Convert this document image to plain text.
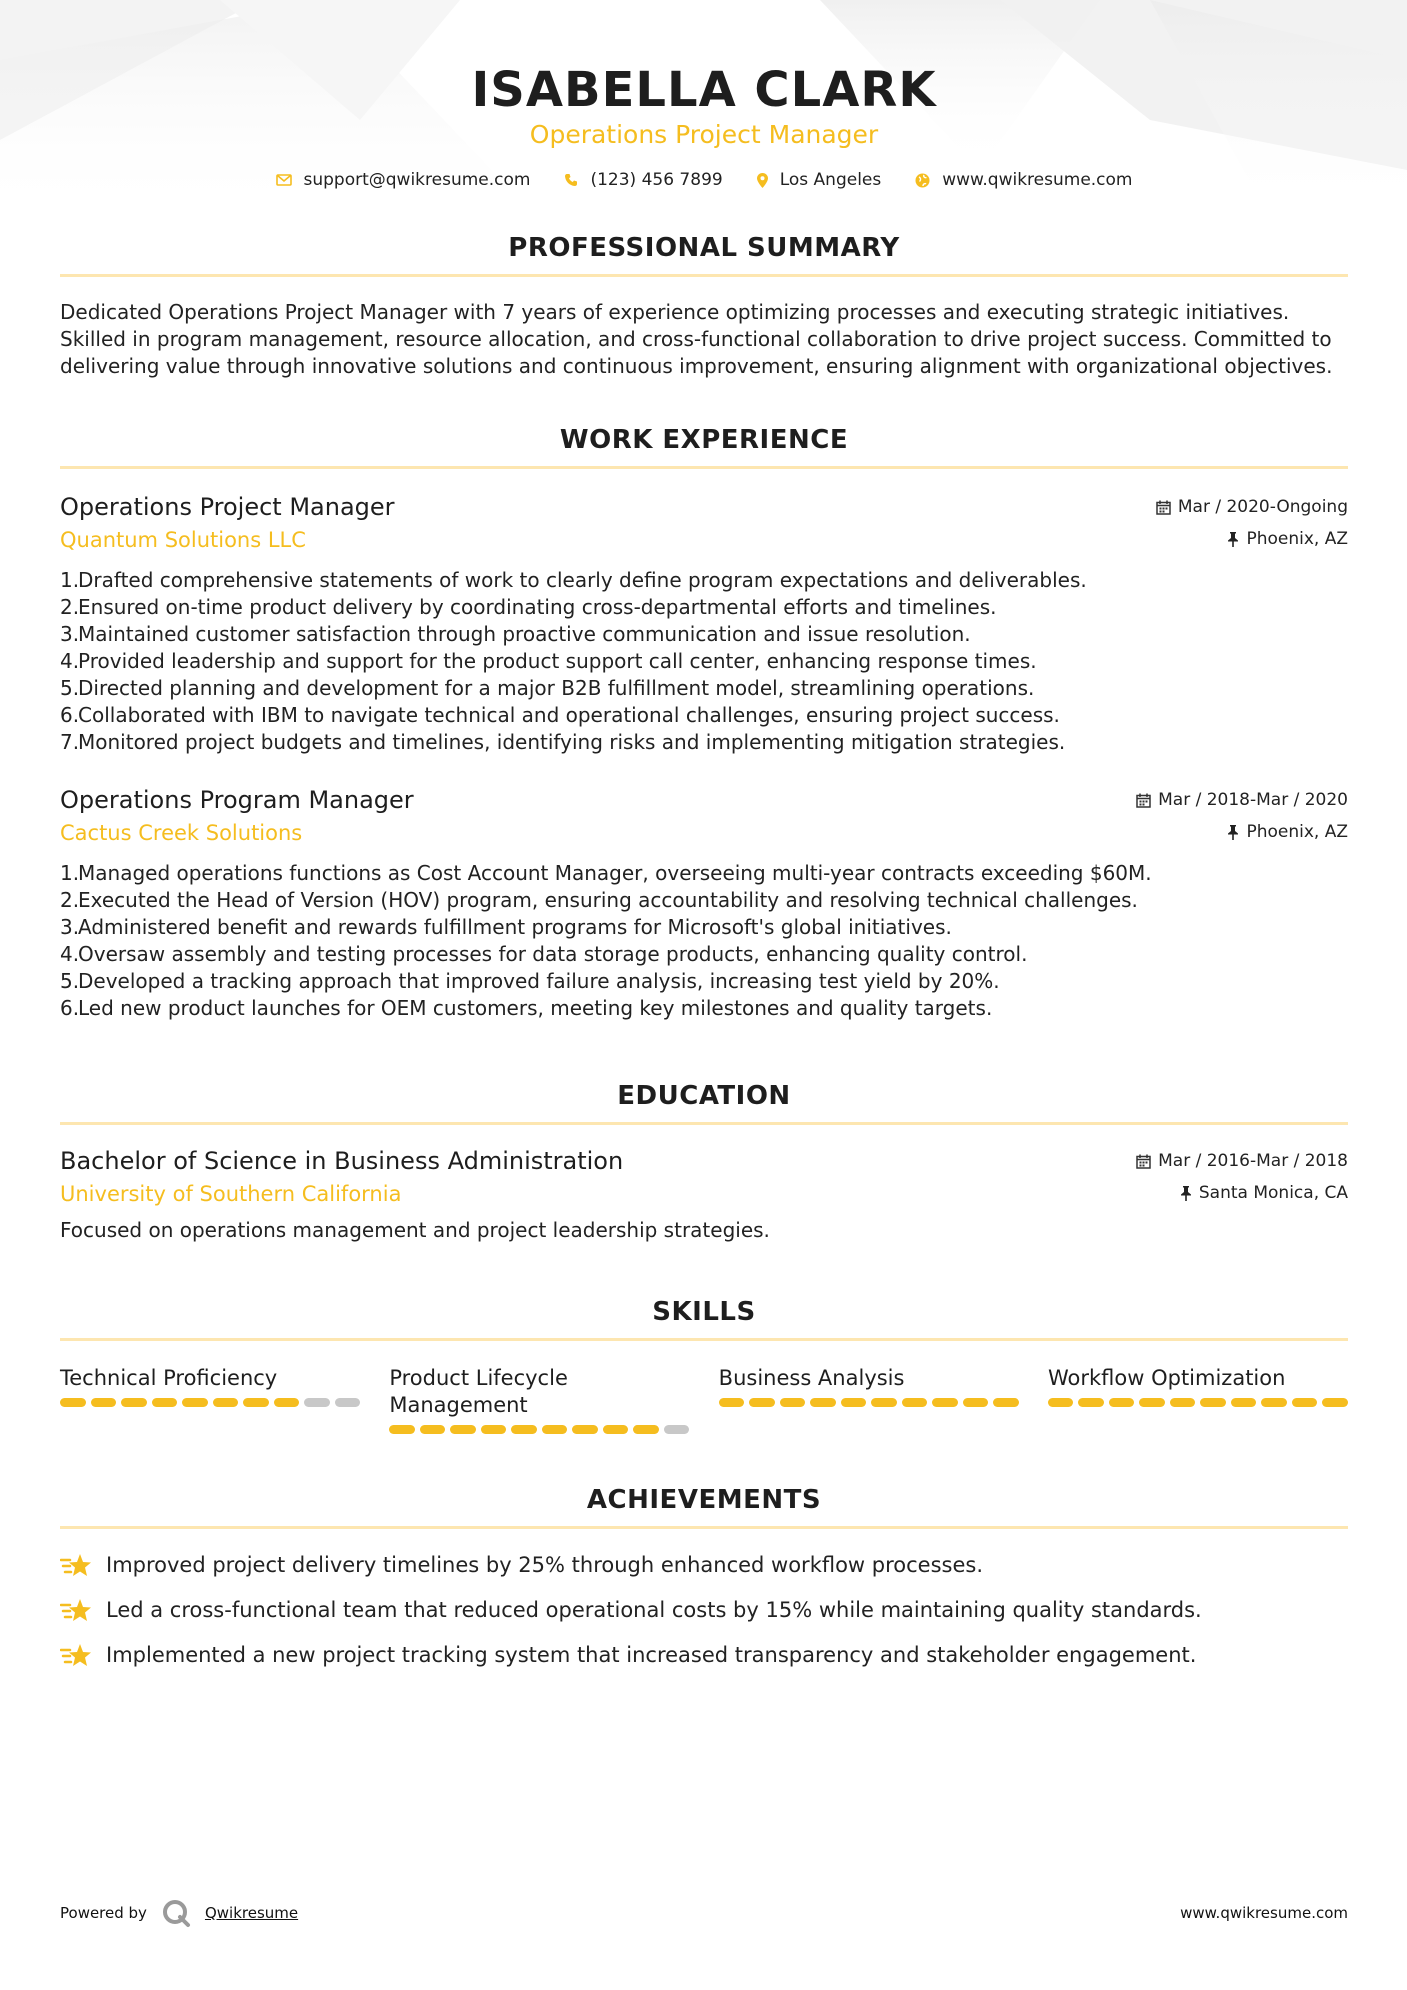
ISABELLA CLARK
Operations Project Manager
support@qwikresume.com	(123) 456 7899	Los Angeles	www.qwikresume.com
PROFESSIONAL SUMMARY
Dedicated Operations Project Manager with 7 years of experience optimizing processes and executing strategic initiatives. Skilled in program management, resource allocation, and cross-functional collaboration to drive project success. Committed to delivering value through innovative solutions and continuous improvement, ensuring alignment with organizational objectives.
WORK EXPERIENCE
Operations Project Manager
Quantum Solutions LLC
Mar / 2020-Ongoing
Phoenix, AZ
1.
Drafted comprehensive statements of work to clearly define program expectations and deliverables.
2.
Ensured on-time product delivery by coordinating cross-departmental efforts and timelines.
3.
Maintained customer satisfaction through proactive communication and issue resolution.
4.
Provided leadership and support for the product support call center, enhancing response times.
5.
Directed planning and development for a major B2B fulfillment model, streamlining operations.
6.
Collaborated with IBM to navigate technical and operational challenges, ensuring project success.
7.
Monitored project budgets and timelines, identifying risks and implementing mitigation strategies.
Operations Program Manager
Cactus Creek Solutions
Mar / 2018-Mar / 2020
Phoenix, AZ
1.
Managed operations functions as Cost Account Manager, overseeing multi-year contracts exceeding $60M.
2.
Executed the Head of Version (HOV) program, ensuring accountability and resolving technical challenges.
3.
Administered benefit and rewards fulfillment programs for Microsoft's global initiatives.
4.
Oversaw assembly and testing processes for data storage products, enhancing quality control.
5.
Developed a tracking approach that improved failure analysis, increasing test yield by 20%.
6.
Led new product launches for OEM customers, meeting key milestones and quality targets.
EDUCATION
Bachelor of Science in Business Administration
University of Southern California
Mar / 2016-Mar / 2018
Santa Monica, CA
Focused on operations management and project leadership strategies.
SKILLS
Technical Proficiency	Product Lifecycle Management
Business Analysis	Workflow Optimization
ACHIEVEMENTS
Improved project delivery timelines by 25% through enhanced workflow processes.
Led a cross-functional team that reduced operational costs by 15% while maintaining quality standards.
Implemented a new project tracking system that increased transparency and stakeholder engagement.
Powered by	Qwikresume	www.qwikresume.com
